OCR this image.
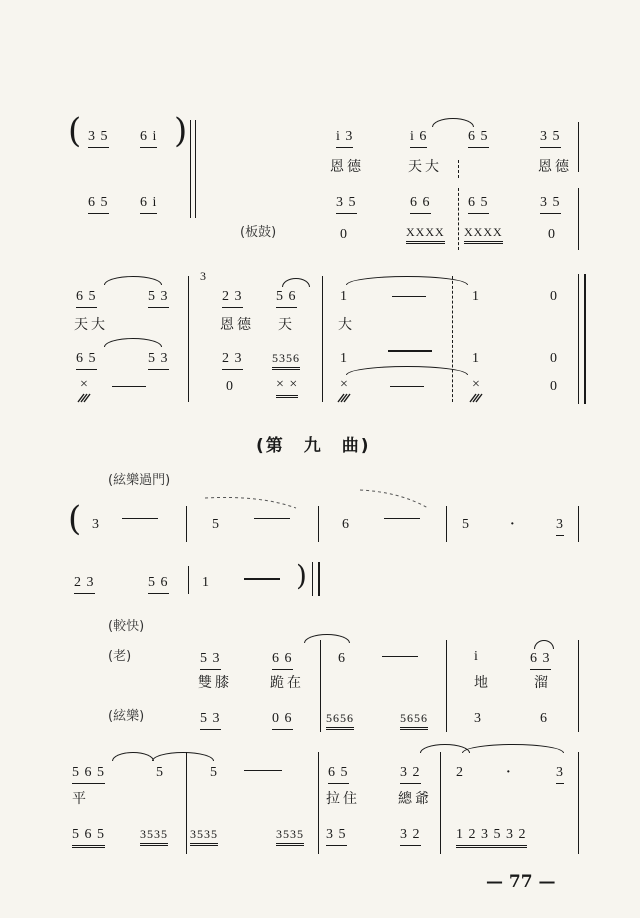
( 3 5 6 i )	i 3	i 6	6 5	3 5
恩德	天大	恩德
6 5 6 i	3 5	6 6	6 5	3 5
(板鼓)	0	XXXX XXXX	0
6 5	5 3
3
2 3 5 6	1	1	0
天大	恩德 天	大
6 5	5 3	2 3 5356	1	1	0
×	0	× ×	×	×	0
(第　九　曲)
(絃樂過門)
( 3	5	6	5	·	3
2 3	5 6 1	)
(較快)
(老)	5 3	6 6	6	i	6 3
雙膝	跪在	地	溜
(絃樂)	5 3	0 6	5656	5656	3	6
5 6 5	5	5	6 5	3 2	2	·	3
平	拉住	總爺
5 6 5	3535 3535	3535 3 5	3 2	1 2 3 5 3 2
— 77 —
